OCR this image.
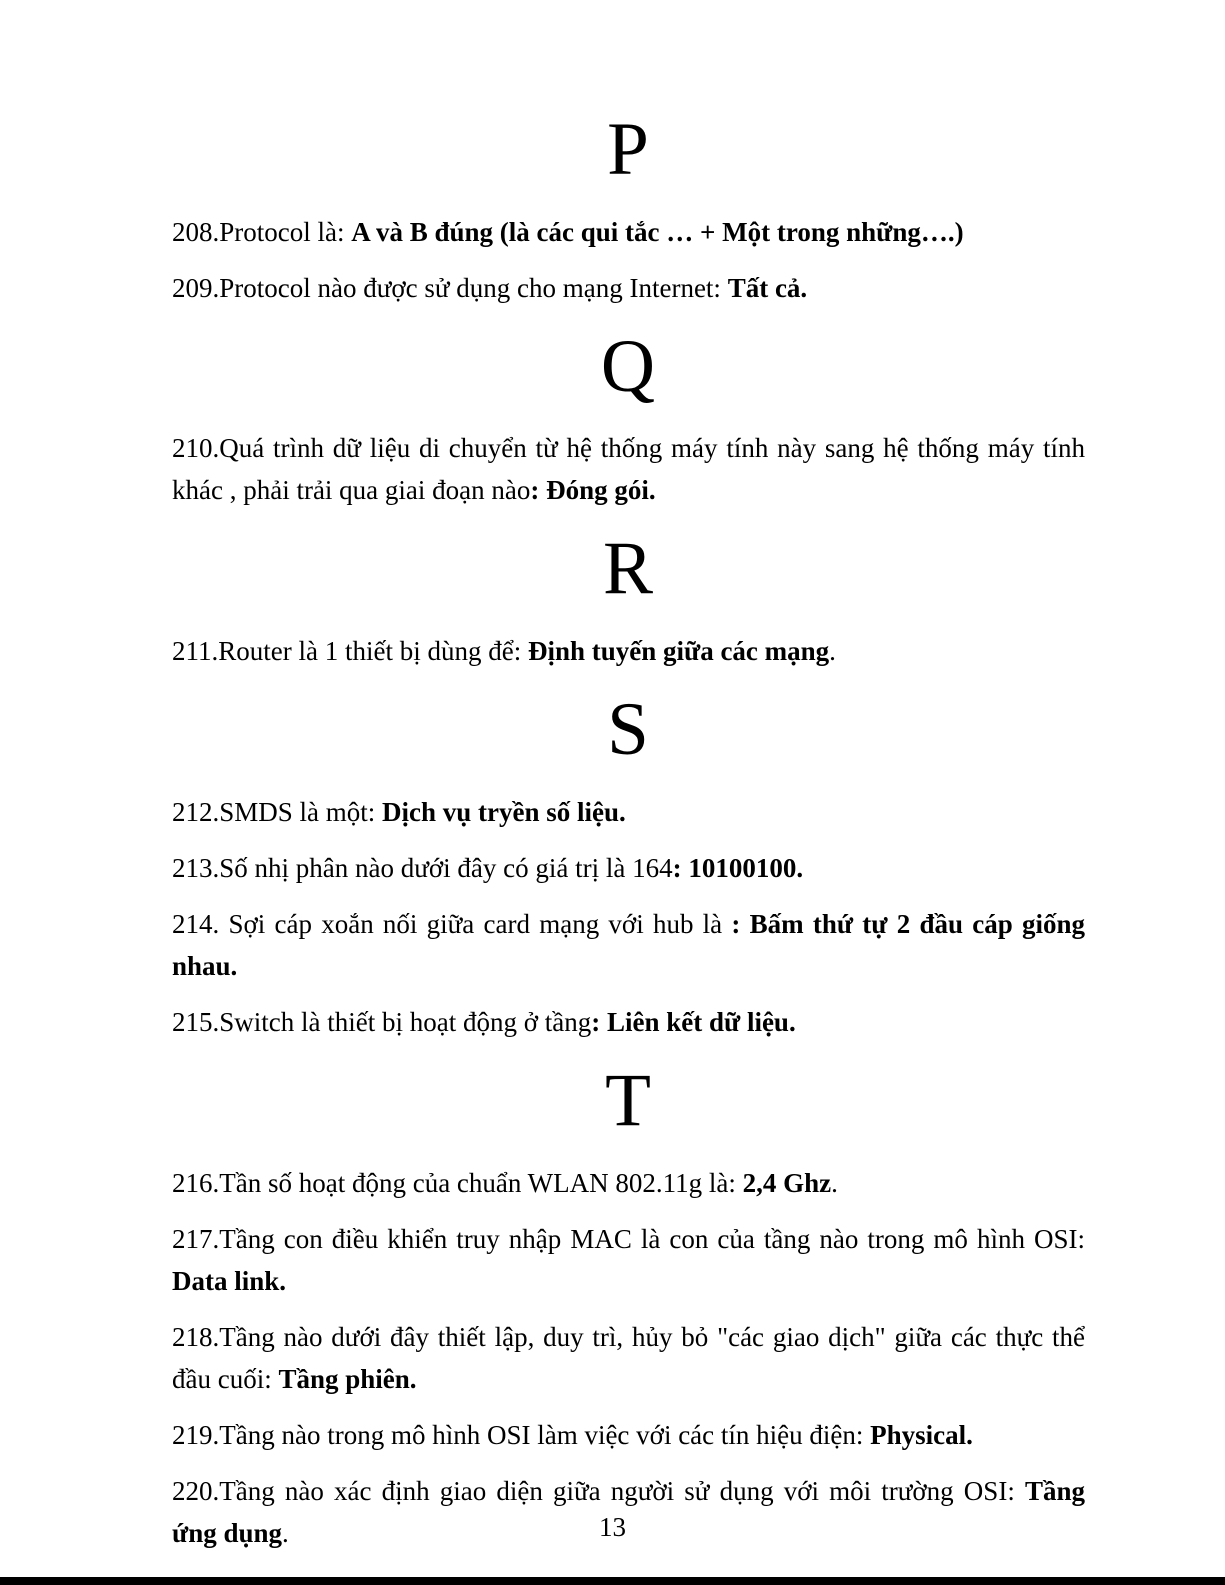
P

208.Protocol là: A và B đúng (là các qui tắc … + Một trong những….)

209.Protocol nào được sử dụng cho mạng Internet: Tất cả.

Q

210.Quá trình dữ liệu di chuyển từ hệ thống máy tính này sang hệ thống máy tính khác , phải trải qua giai đoạn nào: Đóng gói.

R

211.Router là 1 thiết bị dùng để: Định tuyến giữa các mạng.

S

212.SMDS là một: Dịch vụ tryền số liệu.

213.Số nhị phân nào dưới đây có giá trị là 164: 10100100.

214. Sợi cáp xoắn nối giữa card mạng với hub là : Bấm thứ tự 2 đầu cáp giống nhau.

215.Switch là thiết bị hoạt động ở tầng: Liên kết dữ liệu.

T

216.Tần số hoạt động của chuẩn WLAN 802.11g là: 2,4 Ghz.

217.Tầng con điều khiển truy nhập MAC là con của tầng nào trong mô hình OSI: Data link.

218.Tầng nào dưới đây thiết lập, duy trì, hủy bỏ "các giao dịch" giữa các thực thể đầu cuối: Tầng phiên.

219.Tầng nào trong mô hình OSI làm việc với các tín hiệu điện: Physical.

220.Tầng nào xác định giao diện giữa người sử dụng với môi trường OSI: Tầng ứng dụng.	13
